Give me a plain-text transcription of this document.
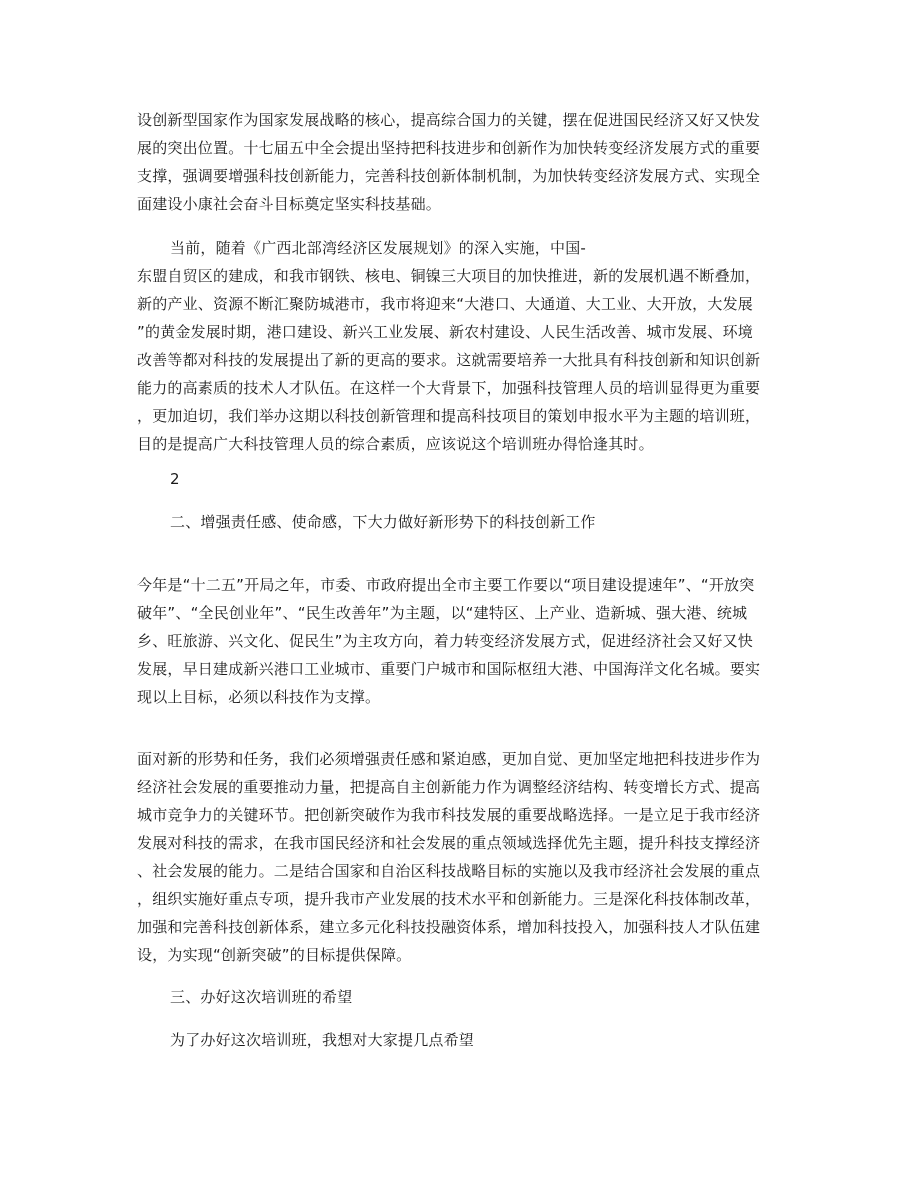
设创新型国家作为国家发展战略的核心，提高综合国力的关键，摆在促进国民经济又好又快发
展的突出位置。十七届五中全会提出坚持把科技进步和创新作为加快转变经济发展方式的重要
支撑，强调要增强科技创新能力，完善科技创新体制机制，为加快转变经济发展方式、实现全
面建设小康社会奋斗目标奠定坚实科技基础。
当前，随着《广西北部湾经济区发展规划》的深入实施，中国-
东盟自贸区的建成，和我市钢铁、核电、铜镍三大项目的加快推进，新的发展机遇不断叠加，
新的产业、资源不断汇聚防城港市，我市将迎来“大港口、大通道、大工业、大开放，大发展
”的黄金发展时期，港口建设、新兴工业发展、新农村建设、人民生活改善、城市发展、环境
改善等都对科技的发展提出了新的更高的要求。这就需要培养一大批具有科技创新和知识创新
能力的高素质的技术人才队伍。在这样一个大背景下，加强科技管理人员的培训显得更为重要
，更加迫切，我们举办这期以科技创新管理和提高科技项目的策划申报水平为主题的培训班，
目的是提高广大科技管理人员的综合素质，应该说这个培训班办得恰逢其时。
2
二、增强责任感、使命感，下大力做好新形势下的科技创新工作
今年是“十二五”开局之年，市委、市政府提出全市主要工作要以“项目建设提速年”、“开放突
破年”、“全民创业年”、“民生改善年”为主题，以“建特区、上产业、造新城、强大港、统城
乡、旺旅游、兴文化、促民生”为主攻方向，着力转变经济发展方式，促进经济社会又好又快
发展，早日建成新兴港口工业城市、重要门户城市和国际枢纽大港、中国海洋文化名城。要实
现以上目标，必须以科技作为支撑。
面对新的形势和任务，我们必须增强责任感和紧迫感，更加自觉、更加坚定地把科技进步作为
经济社会发展的重要推动力量，把提高自主创新能力作为调整经济结构、转变增长方式、提高
城市竞争力的关键环节。把创新突破作为我市科技发展的重要战略选择。一是立足于我市经济
发展对科技的需求，在我市国民经济和社会发展的重点领域选择优先主题，提升科技支撑经济
、社会发展的能力。二是结合国家和自治区科技战略目标的实施以及我市经济社会发展的重点
，组织实施好重点专项，提升我市产业发展的技术水平和创新能力。三是深化科技体制改革，
加强和完善科技创新体系，建立多元化科技投融资体系，增加科技投入，加强科技人才队伍建
设，为实现“创新突破”的目标提供保障。
三、办好这次培训班的希望
为了办好这次培训班，我想对大家提几点希望
